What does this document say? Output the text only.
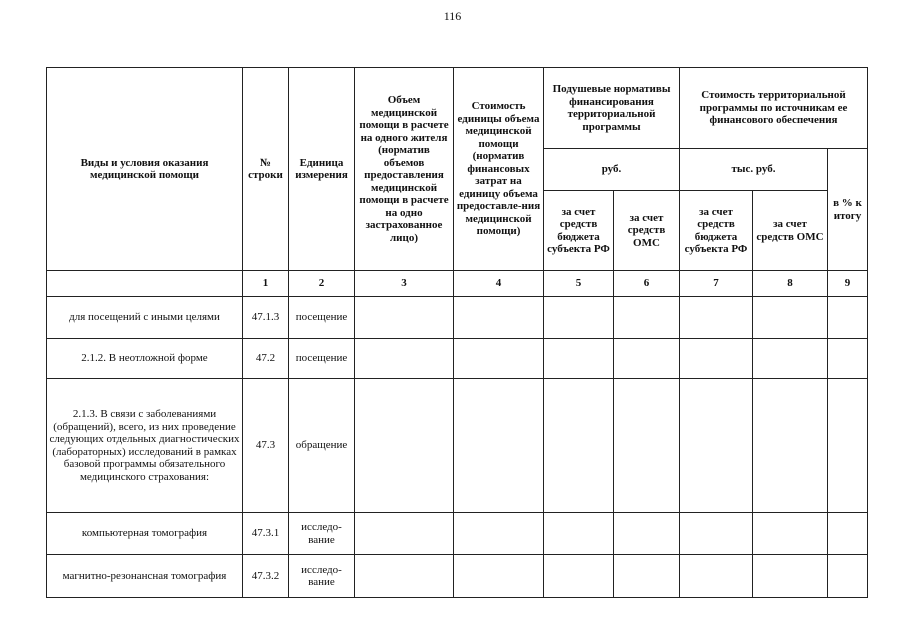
116
Виды и условия оказания медицинской помощи	№ строки	Единица измерения	Объем медицинской помощи в расчете на одного жителя (норматив объемов предоставления медицинской помощи в расчете на одно застрахованное лицо)	Стоимость единицы объема медицинской помощи (норматив финансовых затрат на единицу объема предоставле-ния медицинской помощи)	Подушевые нормативы финансирования территориальной программы		Стоимость территориальной программы по источникам ее финансового обеспечения		
					руб.		тыс. руб.		в % к итогу
					за счет средств бюджета субъекта РФ	за счет средств ОМС	за счет средств бюджета субъекта РФ	за счет средств ОМС	
	1	2	3	4	5	6	7	8	9
для посещений с иными целями	47.1.3	посещение							
2.1.2. В неотложной форме	47.2	посещение							
2.1.3. В связи с заболеваниями (обращений), всего, из них проведение следующих отдельных диагностических (лабораторных) исследований в рамках базовой программы обязательного медицинского страхования:	47.3	обращение							
компьютерная томография	47.3.1	исследо-вание							
магнитно-резонансная томография	47.3.2	исследо-вание							
